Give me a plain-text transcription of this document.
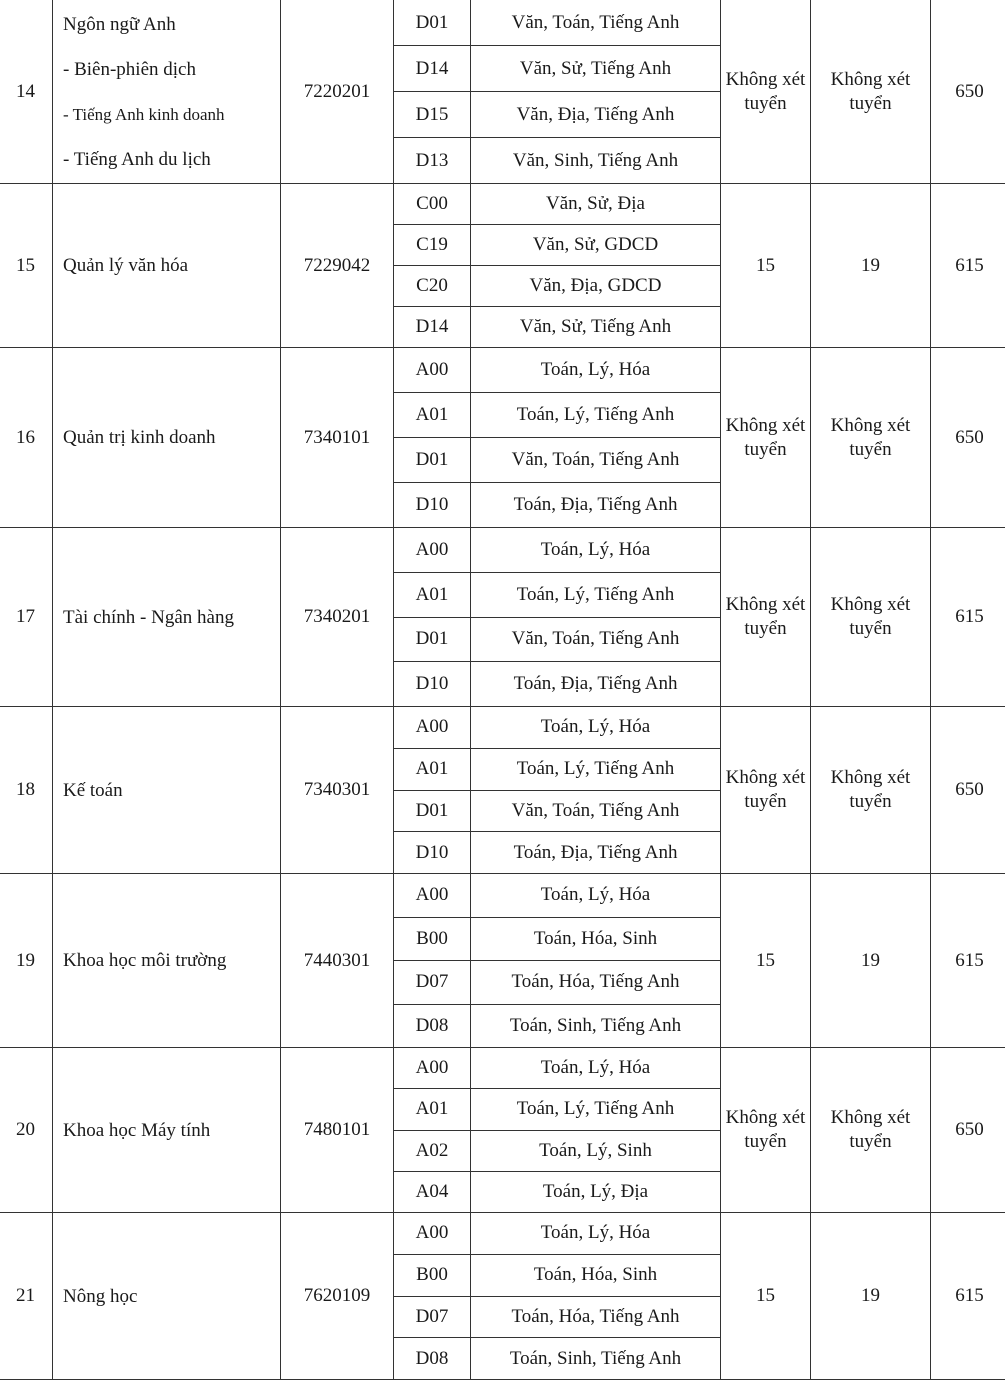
14	Ngôn ngữ Anh
- Biên-phiên dịch
- Tiếng Anh kinh doanh
- Tiếng Anh du lịch	7220201	D01	Văn, Toán, Tiếng Anh	Không xét tuyển	Không xét tuyển	650
			D14	Văn, Sử, Tiếng Anh			
			D15	Văn, Địa, Tiếng Anh			
			D13	Văn, Sinh, Tiếng Anh			
15	Quản lý văn hóa	7229042	C00	Văn, Sử, Địa	15	19	615
			C19	Văn, Sử, GDCD			
			C20	Văn, Địa, GDCD			
			D14	Văn, Sử, Tiếng Anh			
16	Quản trị kinh doanh	7340101	A00	Toán, Lý, Hóa	Không xét tuyển	Không xét tuyển	650
			A01	Toán, Lý, Tiếng Anh			
			D01	Văn, Toán, Tiếng Anh			
			D10	Toán, Địa, Tiếng Anh			
17	Tài chính - Ngân hàng	7340201	A00	Toán, Lý, Hóa	Không xét tuyển	Không xét tuyển	615
			A01	Toán, Lý, Tiếng Anh			
			D01	Văn, Toán, Tiếng Anh			
			D10	Toán, Địa, Tiếng Anh			
18	Kế toán	7340301	A00	Toán, Lý, Hóa	Không xét tuyển	Không xét tuyển	650
			A01	Toán, Lý, Tiếng Anh			
			D01	Văn, Toán, Tiếng Anh			
			D10	Toán, Địa, Tiếng Anh			
19	Khoa học môi trường	7440301	A00	Toán, Lý, Hóa	15	19	615
			B00	Toán, Hóa, Sinh			
			D07	Toán, Hóa, Tiếng Anh			
			D08	Toán, Sinh, Tiếng Anh			
20	Khoa học Máy tính	7480101	A00	Toán, Lý, Hóa	Không xét tuyển	Không xét tuyển	650
			A01	Toán, Lý, Tiếng Anh			
			A02	Toán, Lý, Sinh			
			A04	Toán, Lý, Địa			
21	Nông học	7620109	A00	Toán, Lý, Hóa	15	19	615
			B00	Toán, Hóa, Sinh			
			D07	Toán, Hóa, Tiếng Anh			
			D08	Toán, Sinh, Tiếng Anh			
